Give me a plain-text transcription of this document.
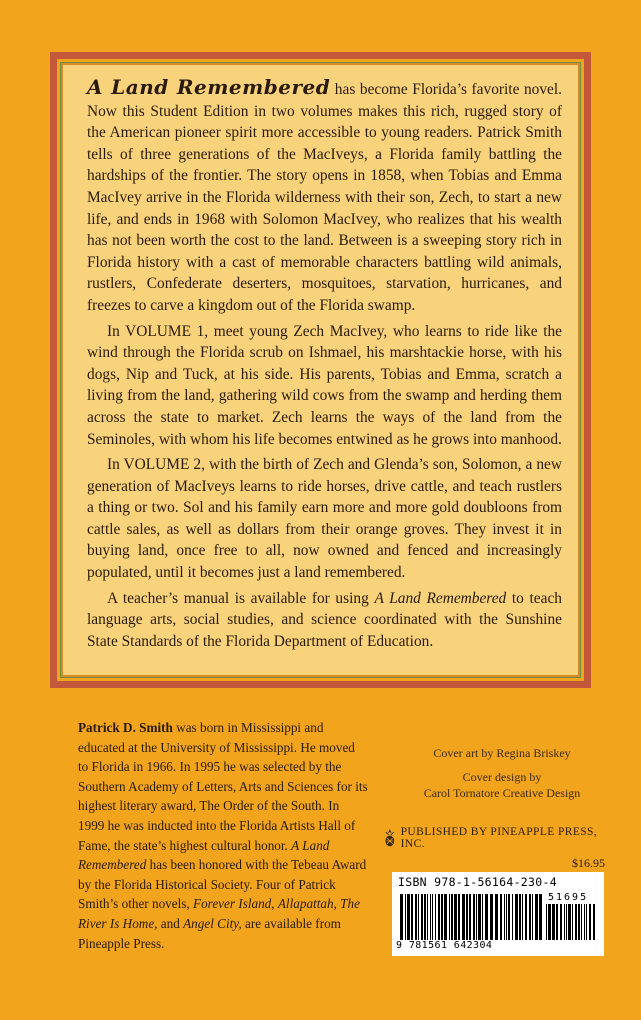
A Land Remembered has become Florida’s favorite novel. Now this Student Edition in two volumes makes this rich, rugged story of the American pioneer spirit more accessible to young readers. Patrick Smith tells of three generations of the MacIveys, a Florida family battling the hardships of the frontier. The story opens in 1858, when Tobias and Emma MacIvey arrive in the Florida wilderness with their son, Zech, to start a new life, and ends in 1968 with Solomon MacIvey, who realizes that his wealth has not been worth the cost to the land. Between is a sweeping story rich in Florida history with a cast of memorable characters battling wild animals, rustlers, Confederate deserters, mosquitoes, starvation, hurricanes, and freezes to carve a kingdom out of the Florida swamp.

In VOLUME 1, meet young Zech MacIvey, who learns to ride like the wind through the Florida scrub on Ishmael, his marshtackie horse, with his dogs, Nip and Tuck, at his side. His parents, Tobias and Emma, scratch a living from the land, gathering wild cows from the swamp and herding them across the state to market. Zech learns the ways of the land from the Seminoles, with whom his life becomes entwined as he grows into manhood.

In VOLUME 2, with the birth of Zech and Glenda’s son, Solomon, a new generation of MacIveys learns to ride horses, drive cattle, and teach rustlers a thing or two. Sol and his family earn more and more gold doubloons from cattle sales, as well as dollars from their orange groves. They invest it in buying land, once free to all, now owned and fenced and increasingly populated, until it becomes just a land remembered.

A teacher’s manual is available for using A Land Remembered to teach language arts, social studies, and science coordinated with the Sunshine State Standards of the Florida Department of Education.

Patrick D. Smith was born in Mississippi and educated at the University of Mississippi. He moved to Florida in 1966. In 1995 he was selected by the Southern Academy of Letters, Arts and Sciences for its highest literary award, The Order of the South. In 1999 he was inducted into the Florida Artists Hall of Fame, the state’s highest cultural honor. A Land Remembered has been honored with the Tebeau Award by the Florida Historical Society. Four of Patrick Smith’s other novels, Forever Island, Allapattah, The River Is Home, and Angel City, are available from Pineapple Press.
Cover art by Regina Briskey
Cover design by
Carol Tornatore Creative Design
PUBLISHED BY PINEAPPLE PRESS, INC.
$16.95
ISBN 978-1-56164-230-4
51695
9 781561 642304
